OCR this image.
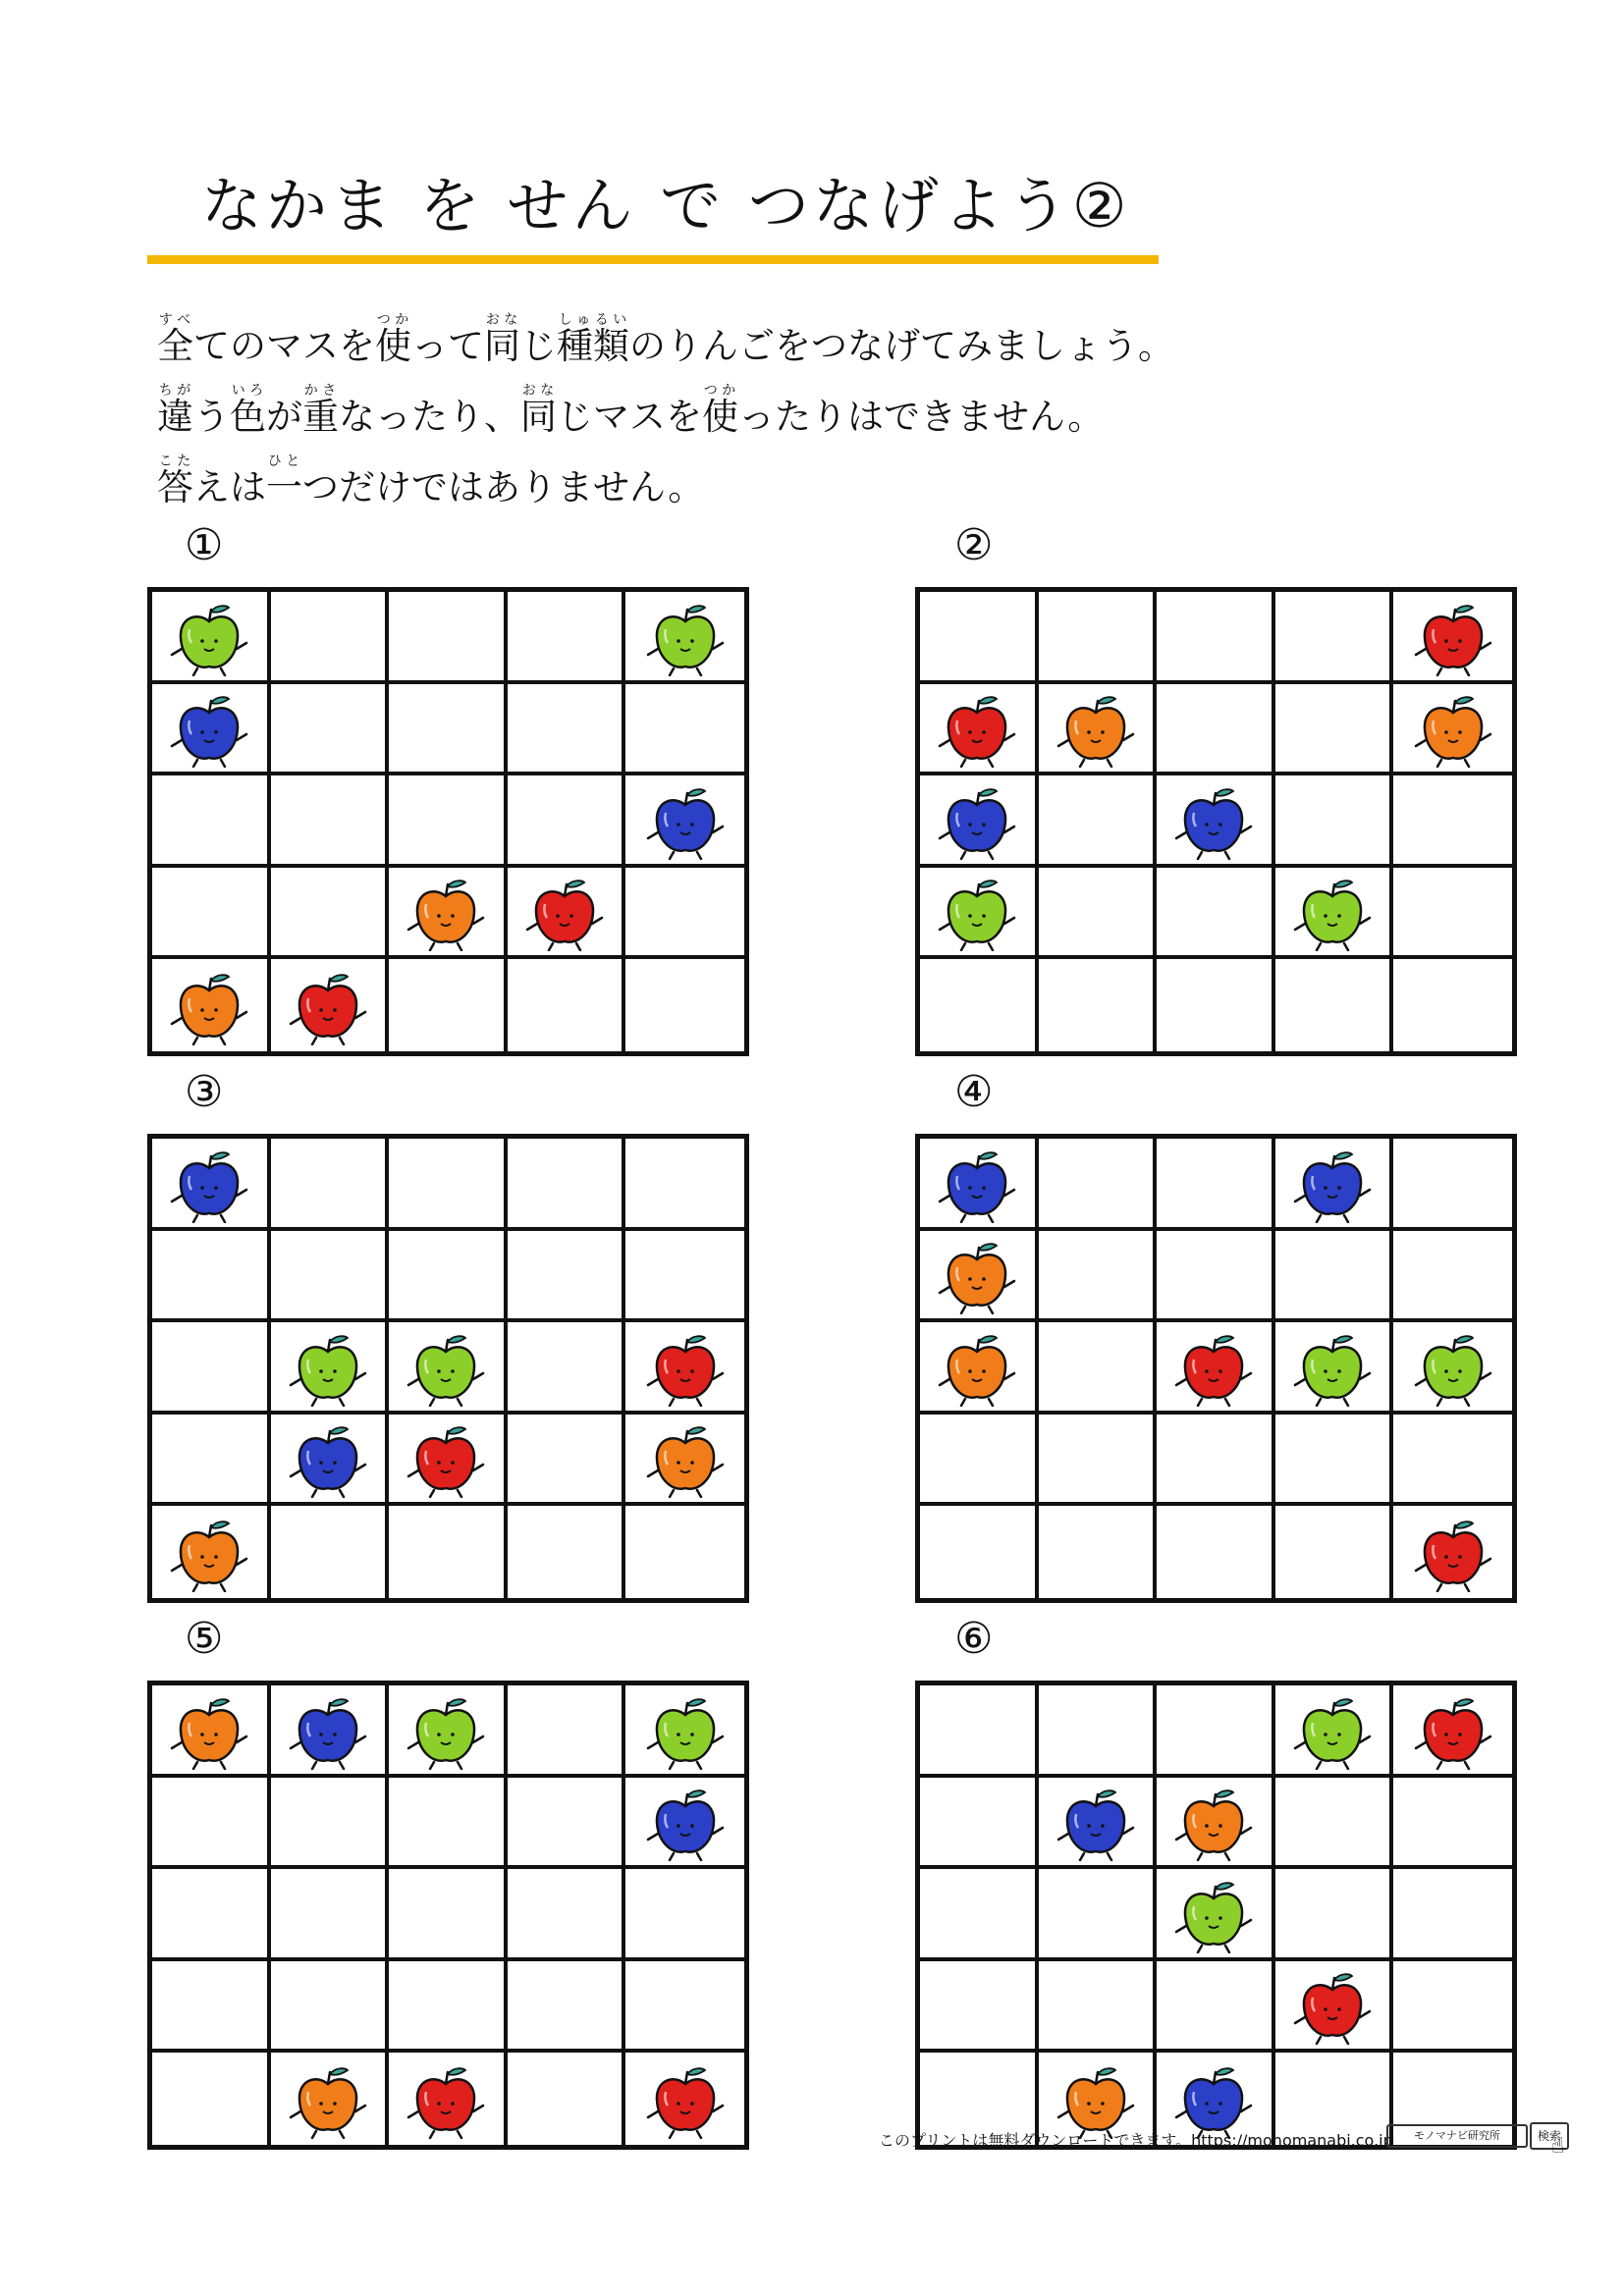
なかま を せん で つなげよう②
全すべてのマスを使つかって同おなじ種類しゅるいのりんごをつなげてみましょう。
違ちがう色いろが重かさなったり、同おなじマスを使つかったりはできません。
答こたえは一ひとつだけではありません。
①	②
③	④
⑤	⑥
このプリントは無料ダウンロードできます。https://monomanabi.co.jp	モノマナビ研究所	検索
☝
